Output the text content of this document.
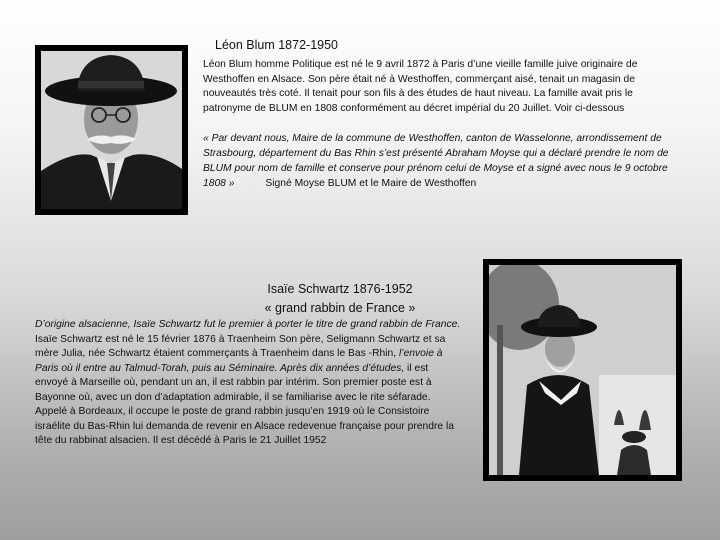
Léon Blum 1872-1950

Léon Blum homme Politique est né le 9 avril 1872 à Paris d’une vieille famille juive originaire de Westhoffen en Alsace. Son père était né à Westhoffen, commerçant aisé, tenait un magasin de nouveautés très coté. Il tenait pour son fils à des études de haut niveau. La famille avait pris le patronyme de BLUM en 1808 conformément au décret impérial du 20 Juillet. Voir ci-dessous

« Par devant nous, Maire de la commune de Westhoffen, canton de Wasselonne, arrondissement de Strasbourg, département du Bas Rhin s’est présenté Abraham Moyse qui a déclaré prendre le nom de BLUM pour nom de famille et conserve pour prénom celui de Moyse et a signé avec nous le 9 octobre 1808 »	Signé Moyse BLUM et le Maire de Westhoffen

Isaïe Schwartz 1876-1952
« grand rabbin de France »

D’origine alsacienne, Isaïe Schwartz fut le premier à porter le titre de grand rabbin de France. Isaïe Schwartz est né le 15 février 1876 à Traenheim Son père, Seligmann Schwartz et sa mère Julia, née Schwartz étaient commerçants à Traenheim dans le Bas -Rhin, l’envoie à Paris où il entre au Talmud-Torah, puis au Séminaire. Après dix années d’études, il est envoyé à Marseille où, pendant un an, il est rabbin par intérim. Son premier poste est à Bayonne où, avec un don d’adaptation admirable, il se familiarise avec le rite séfarade. Appelé à Bordeaux, il occupe le poste de grand rabbin jusqu’en 1919 où le Consistoire israélite du Bas-Rhin lui demanda de revenir en Alsace redevenue française pour prendre la tête du rabbinat alsacien. Il est décédé à Paris le 21 Juillet 1952
